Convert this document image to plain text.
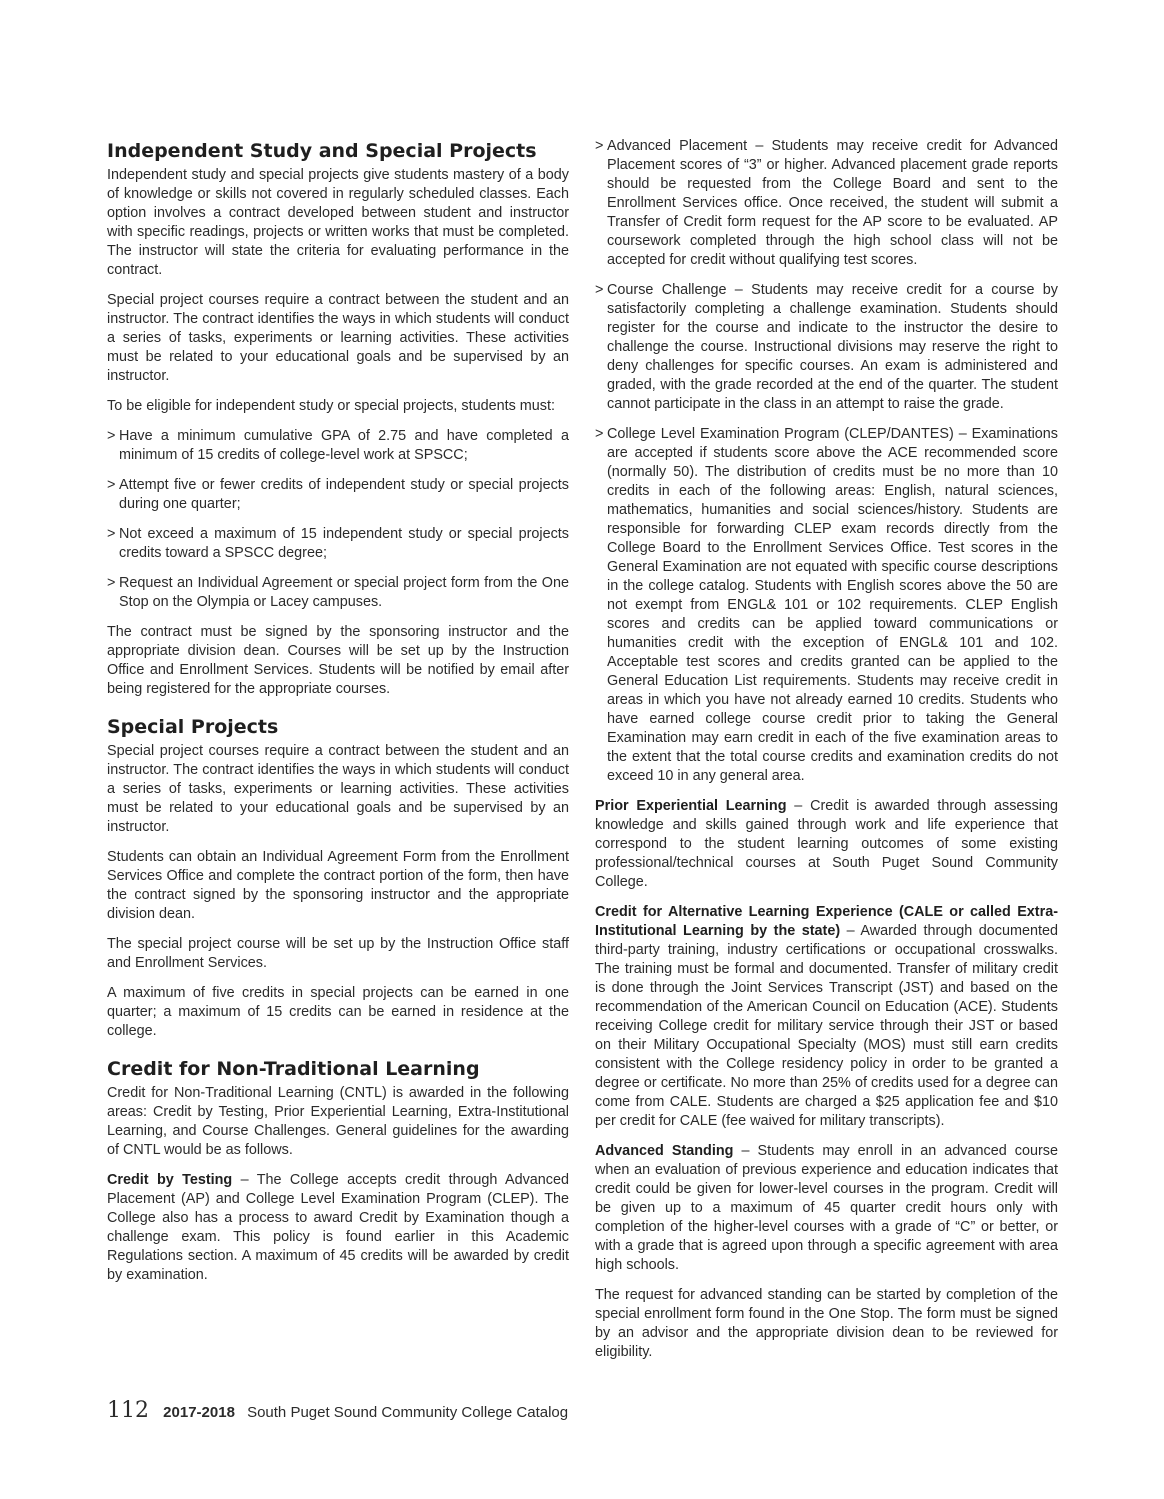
Independent Study and Special Projects

Independent study and special projects give students mastery of a body of knowledge or skills not covered in regularly scheduled classes. Each option involves a contract developed between student and instructor with specific readings, projects or written works that must be completed. The instructor will state the criteria for evaluating performance in the contract.

Special project courses require a contract between the student and an instructor. The contract identifies the ways in which students will conduct a series of tasks, experiments or learning activities. These activities must be related to your educational goals and be supervised by an instructor.

To be eligible for independent study or special projects, students must:

> Have a minimum cumulative GPA of 2.75 and have completed a minimum of 15 credits of college-level work at SPSCC;
> Attempt five or fewer credits of independent study or special projects during one quarter;
> Not exceed a maximum of 15 independent study or special projects credits toward a SPSCC degree;
> Request an Individual Agreement or special project form from the One Stop on the Olympia or Lacey campuses.

The contract must be signed by the sponsoring instructor and the appropriate division dean. Courses will be set up by the Instruction Office and Enrollment Services. Students will be notified by email after being registered for the appropriate courses.

Special Projects

Special project courses require a contract between the student and an instructor. The contract identifies the ways in which students will conduct a series of tasks, experiments or learning activities. These activities must be related to your educational goals and be supervised by an instructor.

Students can obtain an Individual Agreement Form from the Enrollment Services Office and complete the contract portion of the form, then have the contract signed by the sponsoring instructor and the appropriate division dean.

The special project course will be set up by the Instruction Office staff and Enrollment Services.

A maximum of five credits in special projects can be earned in one quarter; a maximum of 15 credits can be earned in residence at the college.

Credit for Non-Traditional Learning

Credit for Non-Traditional Learning (CNTL) is awarded in the following areas: Credit by Testing, Prior Experiential Learning, Extra-Institutional Learning, and Course Challenges. General guidelines for the awarding of CNTL would be as follows.

Credit by Testing – The College accepts credit through Advanced Placement (AP) and College Level Examination Program (CLEP). The College also has a process to award Credit by Examination though a challenge exam. This policy is found earlier in this Academic Regulations section. A maximum of 45 credits will be awarded by credit by examination.

> Advanced Placement – Students may receive credit for Advanced Placement scores of “3” or higher. Advanced placement grade reports should be requested from the College Board and sent to the Enrollment Services office. Once received, the student will submit a Transfer of Credit form request for the AP score to be evaluated. AP coursework completed through the high school class will not be accepted for credit without qualifying test scores.
> Course Challenge – Students may receive credit for a course by satisfactorily completing a challenge examination. Students should register for the course and indicate to the instructor the desire to challenge the course. Instructional divisions may reserve the right to deny challenges for specific courses. An exam is administered and graded, with the grade recorded at the end of the quarter. The student cannot participate in the class in an attempt to raise the grade.
> College Level Examination Program (CLEP/DANTES) – Examinations are accepted if students score above the ACE recommended score (normally 50). The distribution of credits must be no more than 10 credits in each of the following areas: English, natural sciences, mathematics, humanities and social sciences/history. Students are responsible for forwarding CLEP exam records directly from the College Board to the Enrollment Services Office. Test scores in the General Examination are not equated with specific course descriptions in the college catalog. Students with English scores above the 50 are not exempt from ENGL& 101 or 102 requirements. CLEP English scores and credits can be applied toward communications or humanities credit with the exception of ENGL& 101 and 102. Acceptable test scores and credits granted can be applied to the General Education List requirements. Students may receive credit in areas in which you have not already earned 10 credits. Students who have earned college course credit prior to taking the General Examination may earn credit in each of the five examination areas to the extent that the total course credits and examination credits do not exceed 10 in any general area.

Prior Experiential Learning – Credit is awarded through assessing knowledge and skills gained through work and life experience that correspond to the student learning outcomes of some existing professional/technical courses at South Puget Sound Community College.

Credit for Alternative Learning Experience (CALE or called Extra-Institutional Learning by the state) – Awarded through documented third-party training, industry certifications or occupational crosswalks. The training must be formal and documented. Transfer of military credit is done through the Joint Services Transcript (JST) and based on the recommendation of the American Council on Education (ACE). Students receiving College credit for military service through their JST or based on their Military Occupational Specialty (MOS) must still earn credits consistent with the College residency policy in order to be granted a degree or certificate. No more than 25% of credits used for a degree can come from CALE. Students are charged a $25 application fee and $10 per credit for CALE (fee waived for military transcripts).

Advanced Standing – Students may enroll in an advanced course when an evaluation of previous experience and education indicates that credit could be given for lower-level courses in the program. Credit will be given up to a maximum of 45 quarter credit hours only with completion of the higher-level courses with a grade of “C” or better, or with a grade that is agreed upon through a specific agreement with area high schools.

The request for advanced standing can be started by completion of the special enrollment form found in the One Stop. The form must be signed by an advisor and the appropriate division dean to be reviewed for eligibility.

112 2017-2018 South Puget Sound Community College Catalog
